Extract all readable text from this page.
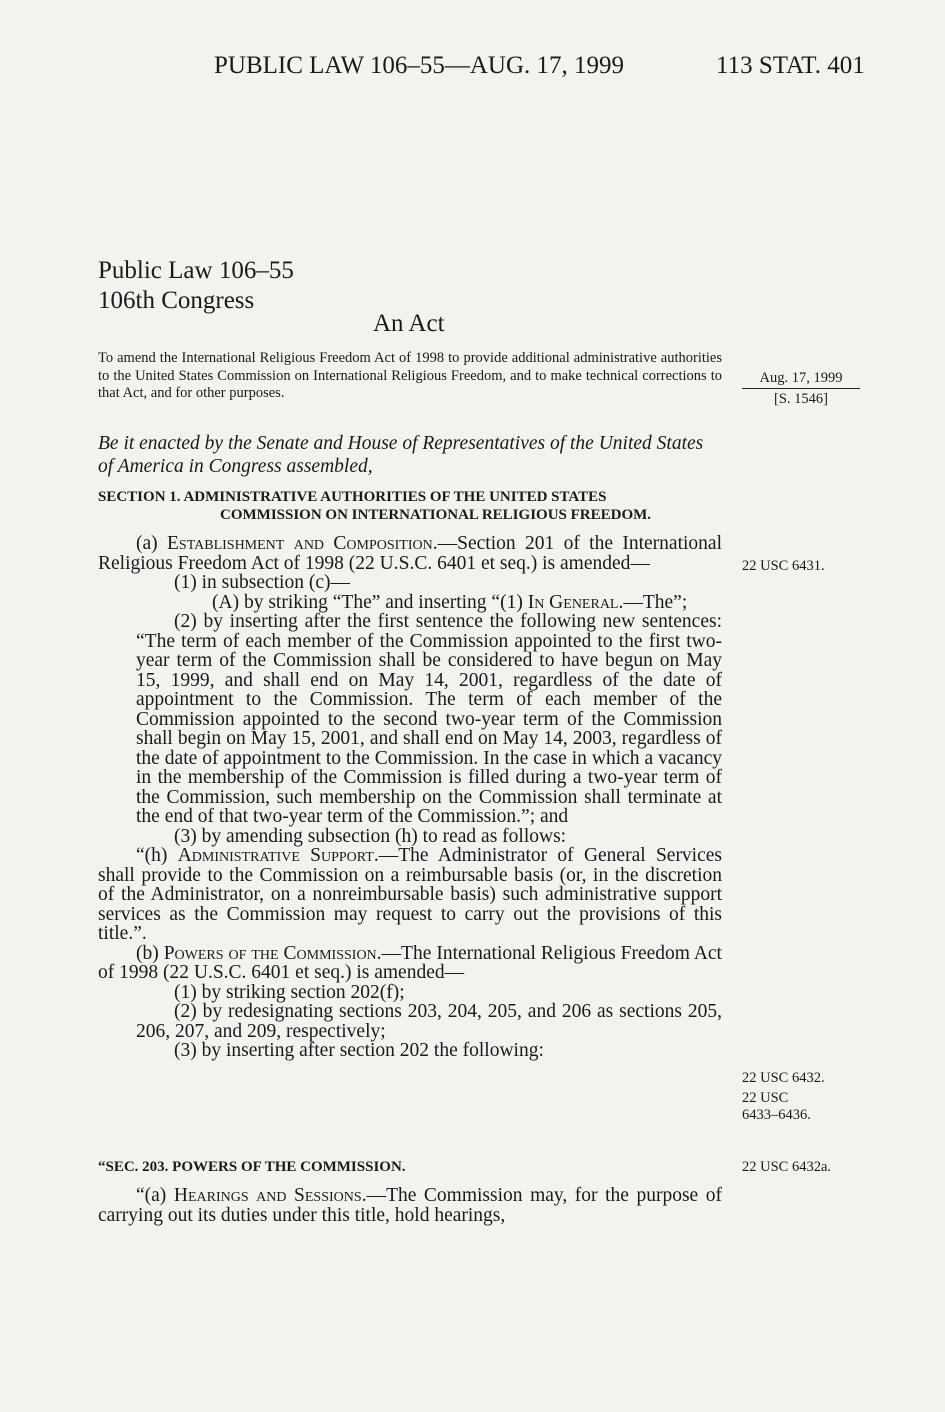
PUBLIC LAW 106–55—AUG. 17, 1999	113 STAT. 401
Public Law 106–55
106th Congress
An Act
To amend the International Religious Freedom Act of 1998 to provide additional administrative authorities to the United States Commission on International Religious Freedom, and to make technical corrections to that Act, and for other purposes.
Aug. 17, 1999
[S. 1546]
Be it enacted by the Senate and House of Representatives of the United States of America in Congress assembled,
SECTION 1. ADMINISTRATIVE AUTHORITIES OF THE UNITED STATES
COMMISSION ON INTERNATIONAL RELIGIOUS FREEDOM.

(a) Establishment and Composition.—Section 201 of the International Religious Freedom Act of 1998 (22 U.S.C. 6401 et seq.) is amended—

(1) in subsection (c)—

(A) by striking “The” and inserting “(1) In General.—The”;

(2) by inserting after the first sentence the following new sentences: “The term of each member of the Commission appointed to the first two-year term of the Commission shall be considered to have begun on May 15, 1999, and shall end on May 14, 2001, regardless of the date of appointment to the Commission. The term of each member of the Commission appointed to the second two-year term of the Commission shall begin on May 15, 2001, and shall end on May 14, 2003, regardless of the date of appointment to the Commission. In the case in which a vacancy in the membership of the Commission is filled during a two-year term of the Commission, such membership on the Commission shall terminate at the end of that two-year term of the Commission.”; and

(3) by amending subsection (h) to read as follows:

“(h) Administrative Support.—The Administrator of General Services shall provide to the Commission on a reimbursable basis (or, in the discretion of the Administrator, on a nonreimbursable basis) such administrative support services as the Commission may request to carry out the provisions of this title.”.

(b) Powers of the Commission.—The International Religious Freedom Act of 1998 (22 U.S.C. 6401 et seq.) is amended—

(1) by striking section 202(f);

(2) by redesignating sections 203, 204, 205, and 206 as sections 205, 206, 207, and 209, respectively;

(3) by inserting after section 202 the following:

22 USC 6431.
22 USC 6432.
22 USC
6433–6436.
22 USC 6432a.
“SEC. 203. POWERS OF THE COMMISSION.

“(a) Hearings and Sessions.—The Commission may, for the purpose of carrying out its duties under this title, hold hearings,
